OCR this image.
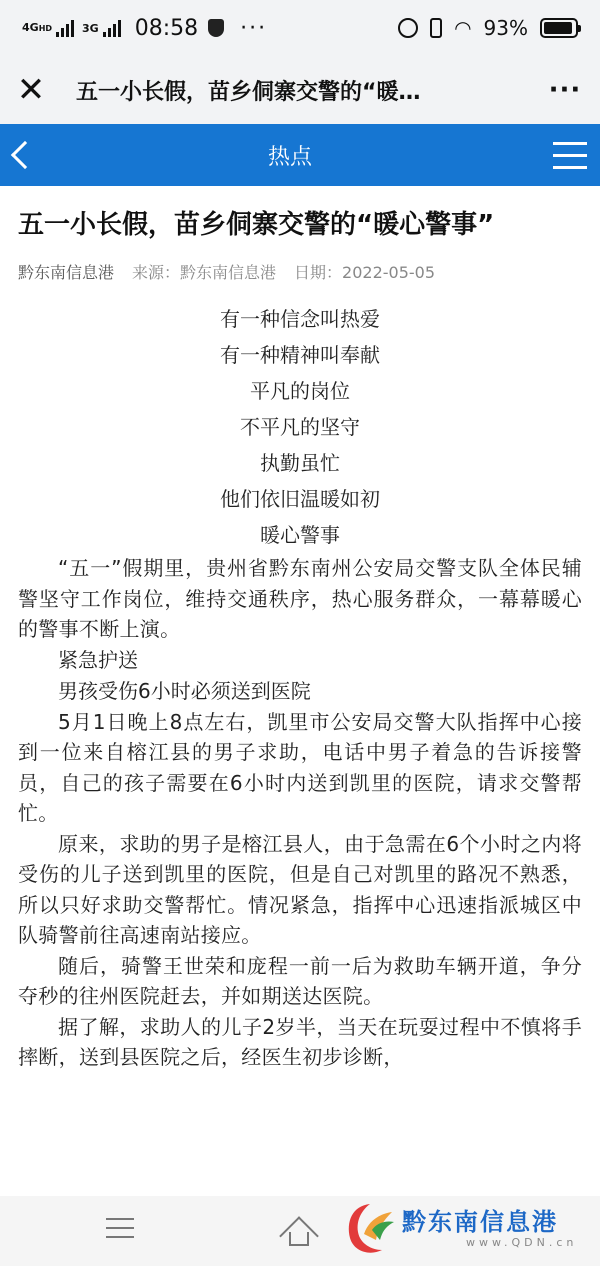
4GHD	3G 08:58 ···	◠ 93%
✕	五一小长假，苗乡侗寨交警的“暖…	···
热点
五一小长假，苗乡侗寨交警的“暖心警事”
黔东南信息港 来源：黔东南信息港 日期：2022-05-05

有一种信念叫热爱

有一种精神叫奉献

平凡的岗位

不平凡的坚守

执勤虽忙

他们依旧温暖如初

暖心警事

“五一”假期里，贵州省黔东南州公安局交警支队全体民辅警坚守工作岗位，维持交通秩序，热心服务群众，一幕幕暖心的警事不断上演。

紧急护送

男孩受伤6小时必须送到医院

5月1日晚上8点左右，凯里市公安局交警大队指挥中心接到一位来自榕江县的男子求助，电话中男子着急的告诉接警员，自己的孩子需要在6小时内送到凯里的医院，请求交警帮忙。

原来，求助的男子是榕江县人，由于急需在6个小时之内将受伤的儿子送到凯里的医院，但是自己对凯里的路况不熟悉，所以只好求助交警帮忙。情况紧急，指挥中心迅速指派城区中队骑警前往高速南站接应。

随后，骑警王世荣和庞程一前一后为救助车辆开道，争分夺秒的往州医院赶去，并如期送达医院。

据了解，求助人的儿子2岁半，当天在玩耍过程中不慎将手摔断，送到县医院之后，经医生初步诊断，

黔东南信息港
www.QDN.cn
